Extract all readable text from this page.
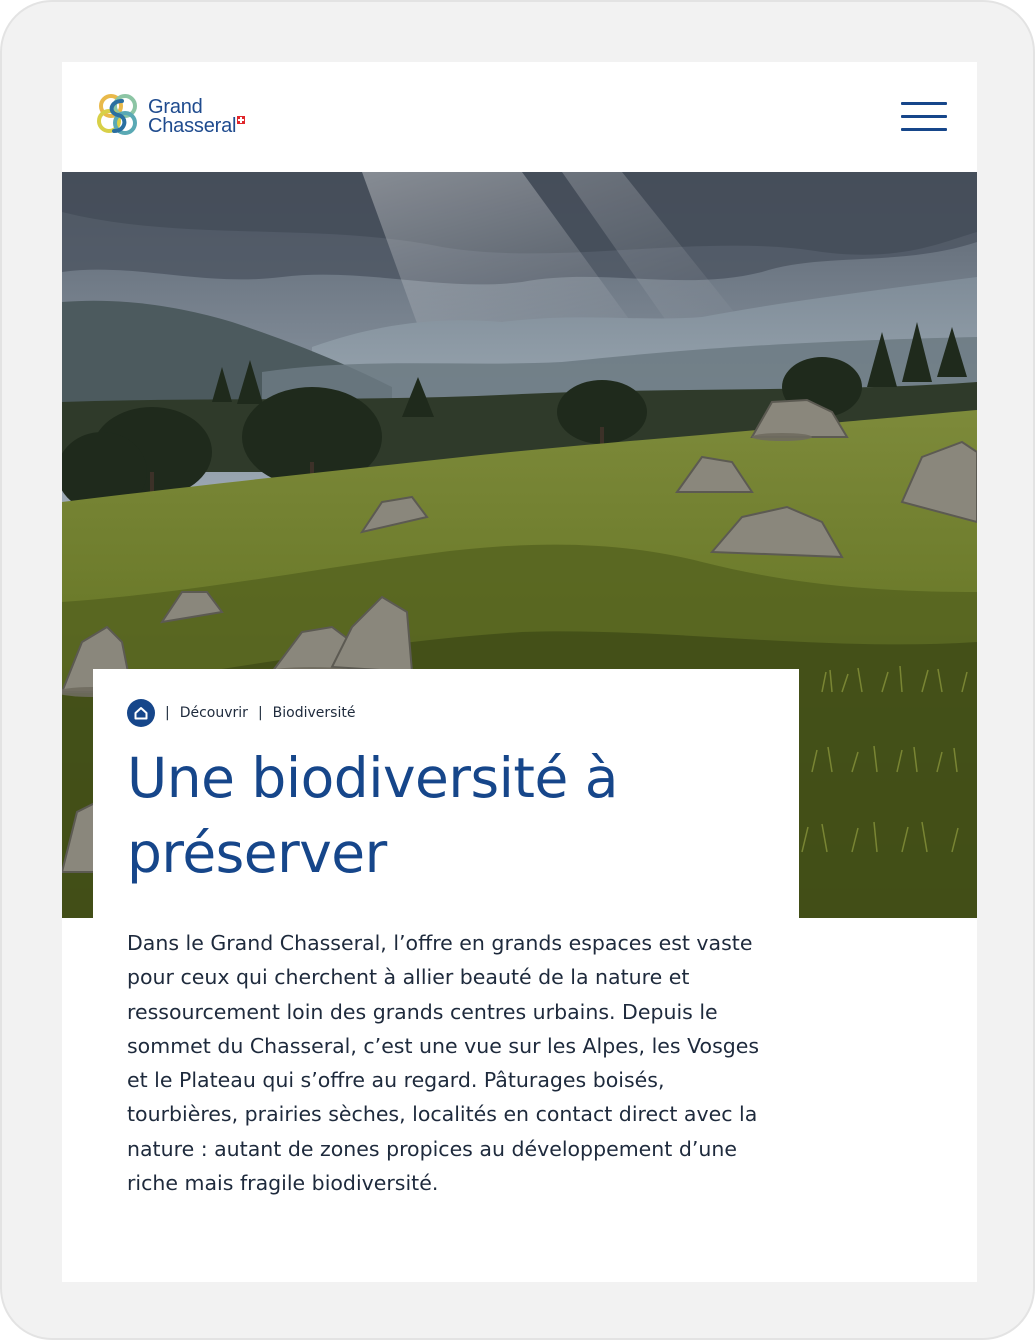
Grand
Chasseral
| Découvrir | Biodiversité
Une biodiversité à préserver

Dans le Grand Chasseral, l’offre en grands espaces est vaste pour ceux qui cherchent à allier beauté de la nature et ressourcement loin des grands centres urbains. Depuis le sommet du Chasseral, c’est une vue sur les Alpes, les Vosges et le Plateau qui s’offre au regard. Pâturages boisés, tourbières, prairies sèches, localités en contact direct avec la nature : autant de zones propices au développement d’une riche mais fragile biodiversité.
